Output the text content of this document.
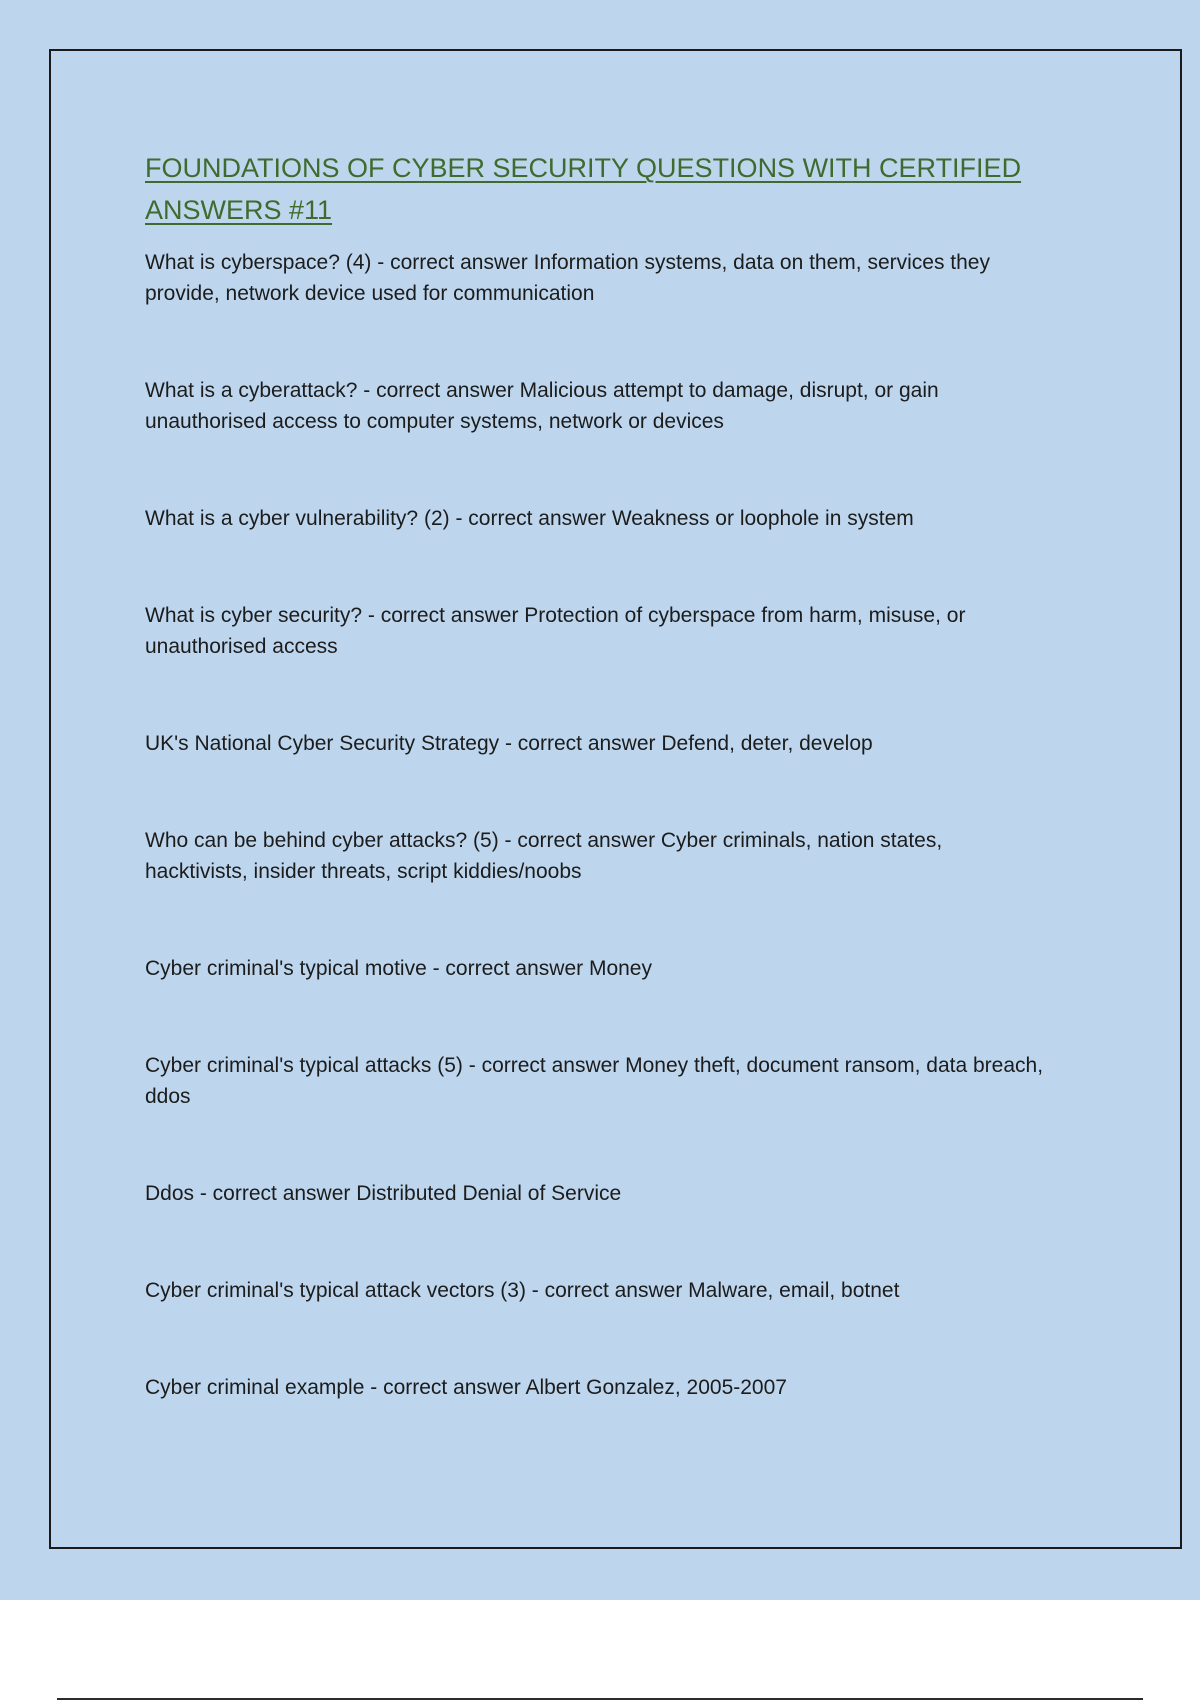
FOUNDATIONS OF CYBER SECURITY QUESTIONS WITH CERTIFIED ANSWERS #11
What is cyberspace? (4) - correct answer Information systems, data on them, services they provide, network device used for communication
What is a cyberattack? - correct answer Malicious attempt to damage, disrupt, or gain unauthorised access to computer systems, network or devices
What is a cyber vulnerability? (2) - correct answer Weakness or loophole in system
What is cyber security? - correct answer Protection of cyberspace from harm, misuse, or unauthorised access
UK's National Cyber Security Strategy - correct answer Defend, deter, develop
Who can be behind cyber attacks? (5) - correct answer Cyber criminals, nation states, hacktivists, insider threats, script kiddies/noobs
Cyber criminal's typical motive - correct answer Money
Cyber criminal's typical attacks (5) - correct answer Money theft, document ransom, data breach, ddos
Ddos - correct answer Distributed Denial of Service
Cyber criminal's typical attack vectors (3) - correct answer Malware, email, botnet
Cyber criminal example - correct answer Albert Gonzalez, 2005-2007
